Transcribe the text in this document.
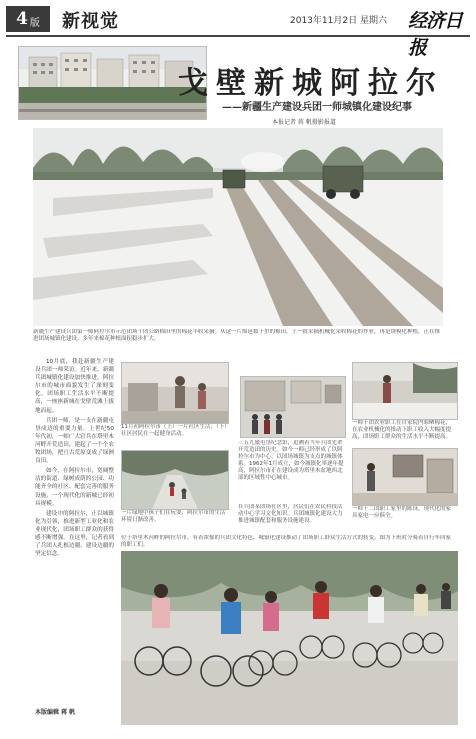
4 版 新视觉	2013年11月2日 星期六 经济日报
戈壁新城阿拉尔
——新疆生产建设兵团一师城镇化建设纪事
本报记者 蒋 帆摄影报道
新疆生产建设兵团第一师阿拉尔市示范团场十团公路棉田里的棉花丰收采摘。从这一片绵延数十里的棉田，上一批采摘机械化采收棉花的作业，再是规模化种植，正在推进团场城镇化建设，多年来棉花种植面积稳步扩大。

10月底，我赴新疆生产建设兵团一师采访。近年来，新疆兵团城镇化建设加快推进，阿拉尔市的城市面貌发生了深刻变化，团场职工生活水平不断提高，一座座新城在戈壁荒滩上拔地而起。

兵团一师，是一支在新疆屯垦戍边的重要力量。上世纪50年代初，一师广大官兵在塔里木河畔开荒造田，建起了一个个农牧团场，把亘古荒原变成了绿洲良田。

如今，在阿拉尔市，宽阔整洁的街道、绿树成荫的公园、功能齐全的社区、配套完善的服务设施，一个现代化的新城已经初具规模。

建设中的阿拉尔，正以城镇化为引领，推进新型工业化和农业现代化，团场职工群众的获得感不断增强。在这里，记者看到了兵团人扎根边疆、建设边疆的坚定信念。

本版编辑 蒋 帆
11月初阿拉尔市（上）一片社区生活；（下）社区居民在一起健身活动。
一片绿地中孩子们在玩耍，阿拉尔市的生活环境日渐改善。
三五九旅屯垦纪念馆，追溯着当年兵团先辈开荒造田的历史。如今一师已经形成了以阿拉尔市为中心、以团场城镇为支点的城镇体系。1962年1月成立，如今城镇化率逐年提高，阿拉尔市正在建设成为塔里木盆地西北部的区域性中心城市。
在兵团某团场社区里，居民们在农民科技活动中心学习文化知识。兵团城镇化建设大力推进城镇配套和服务设施建设。
一师十团农业职工在自家院内晾晒棉花，在农业机械化的推动下职工收入大幅度提高，团场职工群众的生活水平不断提高。
一师十二团职工家里的陈设，现代化的家具家电一应俱全。
位于塔里木河畔的阿拉尔市，有着浓郁的兵团文化特色，城镇化建设推动了团场职工群众生活方式的转变。图为下班时分骑着自行车回家的职工们。
